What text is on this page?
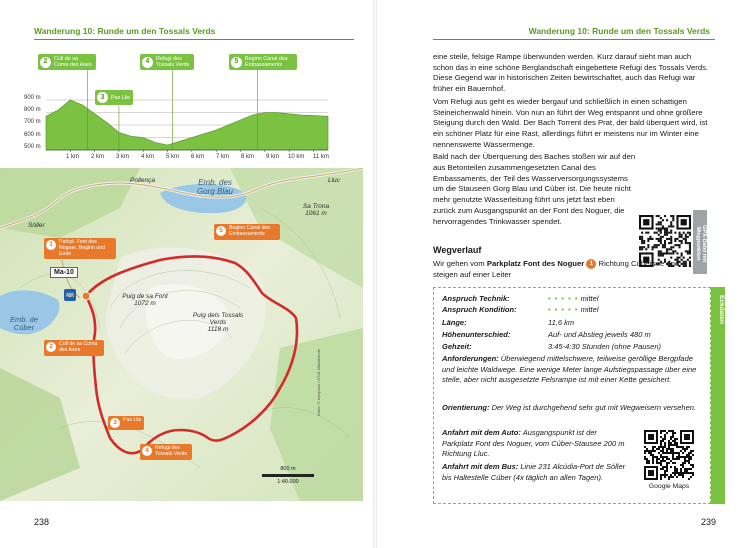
Wanderung 10: Runde um den Tossals Verds
900 m
800 m
700 m
600 m
500 m
1 km 2 km 3 km 4 km 5 km 6 km 7 km 8 km 9 km 10 km 11 km
2	Coll de sa Coma des Ases
3	Pas Llis
4	Refugi des Tossals Verds	5	Beginn Canal des Embassaments
Pollença	Lluc
Sóller
Emb. des Gorg Blau
Sa Trona
1061 m
Puig de sa Font
1072 m
Puig dels Tossals Verds
1118 m
Emb. de Cúber
Ma-10
🚌
1	Parkpl. Font des Noguer, Beginn und Ende
2	Coll de sa Coma des Ases
3	Pas Llis
4	Refugi des Tossals Verds
5	Beginn Canal des Embassaments
800 m
1:40.000
Karte: © kompass / OSM-Mitwirkende
238
Wanderung 10: Runde um den Tossals Verds

eine steile, felsige Rampe überwunden werden. Kurz darauf sieht man auch schon das in eine schöne Berglandschaft eingebettete Refugi des Tossals Verds. Diese Gegend war in historischen Zeiten bewirtschaftet, auch das Refugi war früher ein Bauernhof.

Vom Refugi aus geht es wieder bergauf und schließlich in einen schattigen Steineichenwald hinein. Von nun an führt der Weg entspannt und ohne größere Steigung durch den Wald. Der Bach Torrent des Prat, der bald überquert wird, ist ein schöner Platz für eine Rast, allerdings führt er meistens nur im Winter eine nennenswerte Wassermenge.

Bald nach der Überquerung des Baches stoßen wir auf den aus Betonteilen zusammengesetzten Canal des Embassaments, der Teil des Wasserversorgungssystems um die Stauseen Gorg Blau und Cúber ist. Die heute nicht mehr genutzte Wasserleitung führt uns jetzt fast eben zurück zum Ausgangspunkt an der Font des Noguer, die hervorragendes Trinkwasser spendet.

GPX-Datei mit Wegpunkten
Wegverlauf
Wir gehen vom Parkplatz Font des Noguer 1 Richtung Cúbersee und steigen auf einer Leiter
Anspruch Technik:	• • • • • mittel
Anspruch Kondition:	• • • • • mittel
Länge:	11,6 km
Höhenunterschied:	Auf- und Abstieg jeweils 480 m
Gehzeit:	3:45-4:30 Stunden (ohne Pausen)
Anforderungen: Überwiegend mittelschwere, teilweise geröllige Bergpfade und leichte Waldwege. Eine wenige Meter lange Aufstiegspassage über eine steile, aber nicht ausgesetzte Felsrampe ist mit einer Kette gesichert.
Orientierung: Der Weg ist durchgehend sehr gut mit Wegweisern versehen.
Anfahrt mit dem Auto: Ausgangspunkt ist der Parkplatz Font des Noguer, vom Cúber-Stausee 200 m Richtung Lluc.
Anfahrt mit dem Bus: Linie 231 Alcúdia-Port de Sóller bis Haltestelle Cúber (4x täglich an allen Tagen).
Google Maps
Eckdaten
239
